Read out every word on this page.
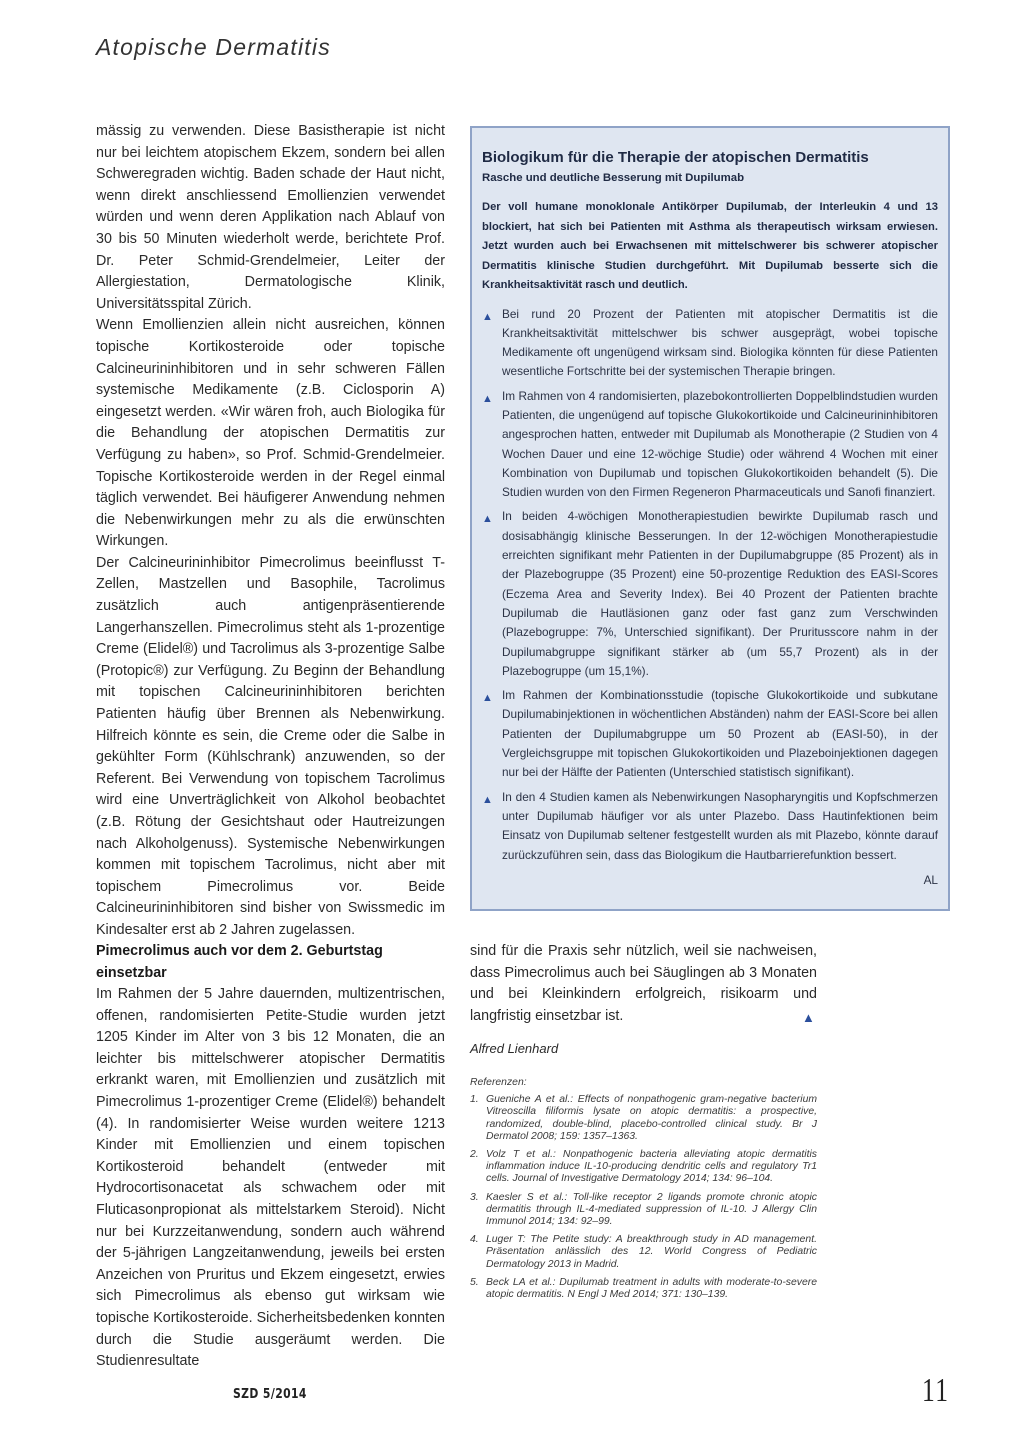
Atopische Dermatitis

mässig zu verwenden. Diese Basistherapie ist nicht nur bei leichtem atopischem Ekzem, sondern bei allen Schweregraden wichtig. Baden schade der Haut nicht, wenn direkt anschliessend Emollienzien verwendet würden und wenn deren Applikation nach Ablauf von 30 bis 50 Minuten wiederholt werde, berichtete Prof. Dr. Peter Schmid-Grendelmeier, Leiter der Allergiestation, Dermatologische Klinik, Universitätsspital Zürich.

Wenn Emollienzien allein nicht ausreichen, können topische Kortikosteroide oder topische Calcineurininhibitoren und in sehr schweren Fällen systemische Medikamente (z.B. Ciclosporin A) eingesetzt werden. «Wir wären froh, auch Biologika für die Behandlung der atopischen Dermatitis zur Verfügung zu haben», so Prof. Schmid-Grendelmeier. Topische Kortikosteroide werden in der Regel einmal täglich verwendet. Bei häufigerer Anwendung nehmen die Nebenwirkungen mehr zu als die erwünschten Wirkungen.

Der Calcineurininhibitor Pimecrolimus beeinflusst T-Zellen, Mastzellen und Basophile, Tacrolimus zusätzlich auch antigenpräsentierende Langerhanszellen. Pimecrolimus steht als 1-prozentige Creme (Elidel®) und Tacrolimus als 3-prozentige Salbe (Protopic®) zur Verfügung. Zu Beginn der Behandlung mit topischen Calcineurininhibitoren berichten Patienten häufig über Brennen als Nebenwirkung. Hilfreich könnte es sein, die Creme oder die Salbe in gekühlter Form (Kühlschrank) anzuwenden, so der Referent. Bei Verwendung von topischem Tacrolimus wird eine Unverträglichkeit von Alkohol beobachtet (z.B. Rötung der Gesichtshaut oder Hautreizungen nach Alkoholgenuss). Systemische Nebenwirkungen kommen mit topischem Tacrolimus, nicht aber mit topischem Pimecrolimus vor. Beide Calcineurininhibitoren sind bisher von Swissmedic im Kindesalter erst ab 2 Jahren zugelassen.

Pimecrolimus auch vor dem 2. Geburtstag einsetzbar

Im Rahmen der 5 Jahre dauernden, multizentrischen, offenen, randomisierten Petite-Studie wurden jetzt 1205 Kinder im Alter von 3 bis 12 Monaten, die an leichter bis mittelschwerer atopischer Dermatitis erkrankt waren, mit Emollienzien und zusätzlich mit Pimecrolimus 1-prozentiger Creme (Elidel®) behandelt (4). In randomisierter Weise wurden weitere 1213 Kinder mit Emollienzien und einem topischen Kortikosteroid behandelt (entweder mit Hydrocortisonacetat als schwachem oder mit Fluticasonpropionat als mittelstarkem Steroid). Nicht nur bei Kurzzeitanwendung, sondern auch während der 5-jährigen Langzeitanwendung, jeweils bei ersten Anzeichen von Pruritus und Ekzem eingesetzt, erwies sich Pimecrolimus als ebenso gut wirksam wie topische Kortikosteroide. Sicherheitsbedenken konnten durch die Studie ausgeräumt werden. Die Studienresultate

Biologikum für die Therapie der atopischen Dermatitis

Rasche und deutliche Besserung mit Dupilumab

Der voll humane monoklonale Antikörper Dupilumab, der Interleukin 4 und 13 blockiert, hat sich bei Patienten mit Asthma als therapeutisch wirksam erwiesen. Jetzt wurden auch bei Erwachsenen mit mittelschwerer bis schwerer atopischer Dermatitis klinische Studien durchgeführt. Mit Dupilumab besserte sich die Krankheitsaktivität rasch und deutlich.

▲ Bei rund 20 Prozent der Patienten mit atopischer Dermatitis ist die Krankheitsaktivität mittelschwer bis schwer ausgeprägt, wobei topische Medikamente oft ungenügend wirksam sind. Biologika könnten für diese Patienten wesentliche Fortschritte bei der systemischen Therapie bringen.
▲ Im Rahmen von 4 randomisierten, plazebokontrollierten Doppelblindstudien wurden Patienten, die ungenügend auf topische Glukokortikoide und Calcineurininhibitoren angesprochen hatten, entweder mit Dupilumab als Monotherapie (2 Studien von 4 Wochen Dauer und eine 12-wöchige Studie) oder während 4 Wochen mit einer Kombination von Dupilumab und topischen Glukokortikoiden behandelt (5). Die Studien wurden von den Firmen Regeneron Pharmaceuticals und Sanofi finanziert.
▲ In beiden 4-wöchigen Monotherapiestudien bewirkte Dupilumab rasch und dosisabhängig klinische Besserungen. In der 12-wöchigen Monotherapiestudie erreichten signifikant mehr Patienten in der Dupilumabgruppe (85 Prozent) als in der Plazebogruppe (35 Prozent) eine 50-prozentige Reduktion des EASI-Scores (Eczema Area and Severity Index). Bei 40 Prozent der Patienten brachte Dupilumab die Hautläsionen ganz oder fast ganz zum Verschwinden (Plazebogruppe: 7%, Unterschied signifikant). Der Pruritusscore nahm in der Dupilumabgruppe signifikant stärker ab (um 55,7 Prozent) als in der Plazebogruppe (um 15,1%).
▲ Im Rahmen der Kombinationsstudie (topische Glukokortikoide und subkutane Dupilumabinjektionen in wöchentlichen Abständen) nahm der EASI-Score bei allen Patienten der Dupilumabgruppe um 50 Prozent ab (EASI-50), in der Vergleichsgruppe mit topischen Glukokortikoiden und Plazeboinjektionen dagegen nur bei der Hälfte der Patienten (Unterschied statistisch signifikant).
▲ In den 4 Studien kamen als Nebenwirkungen Nasopharyngitis und Kopfschmerzen unter Dupilumab häufiger vor als unter Plazebo. Dass Hautinfektionen beim Einsatz von Dupilumab seltener festgestellt wurden als mit Plazebo, könnte darauf zurückzuführen sein, dass das Biologikum die Hautbarrierefunktion bessert.
AL

sind für die Praxis sehr nützlich, weil sie nachweisen, dass Pimecrolimus auch bei Säuglingen ab 3 Monaten und bei Kleinkindern erfolgreich, risikoarm und langfristig einsetzbar ist.	▲
Alfred Lienhard

Referenzen:

1. Gueniche A et al.: Effects of nonpathogenic gram-negative bacterium Vitreoscilla filiformis lysate on atopic dermatitis: a prospective, randomized, double-blind, placebo-controlled clinical study. Br J Dermatol 2008; 159: 1357–1363.
2. Volz T et al.: Nonpathogenic bacteria alleviating atopic dermatitis inflammation induce IL-10-producing dendritic cells and regulatory Tr1 cells. Journal of Investigative Dermatology 2014; 134: 96–104.
3. Kaesler S et al.: Toll-like receptor 2 ligands promote chronic atopic dermatitis through IL-4-mediated suppression of IL-10. J Allergy Clin Immunol 2014; 134: 92–99.
4. Luger T: The Petite study: A breakthrough study in AD management. Präsentation anlässlich des 12. World Congress of Pediatric Dermatology 2013 in Madrid.
5. Beck LA et al.: Dupilumab treatment in adults with moderate-to-severe atopic dermatitis. N Engl J Med 2014; 371: 130–139.
SZD 5/2014	11
